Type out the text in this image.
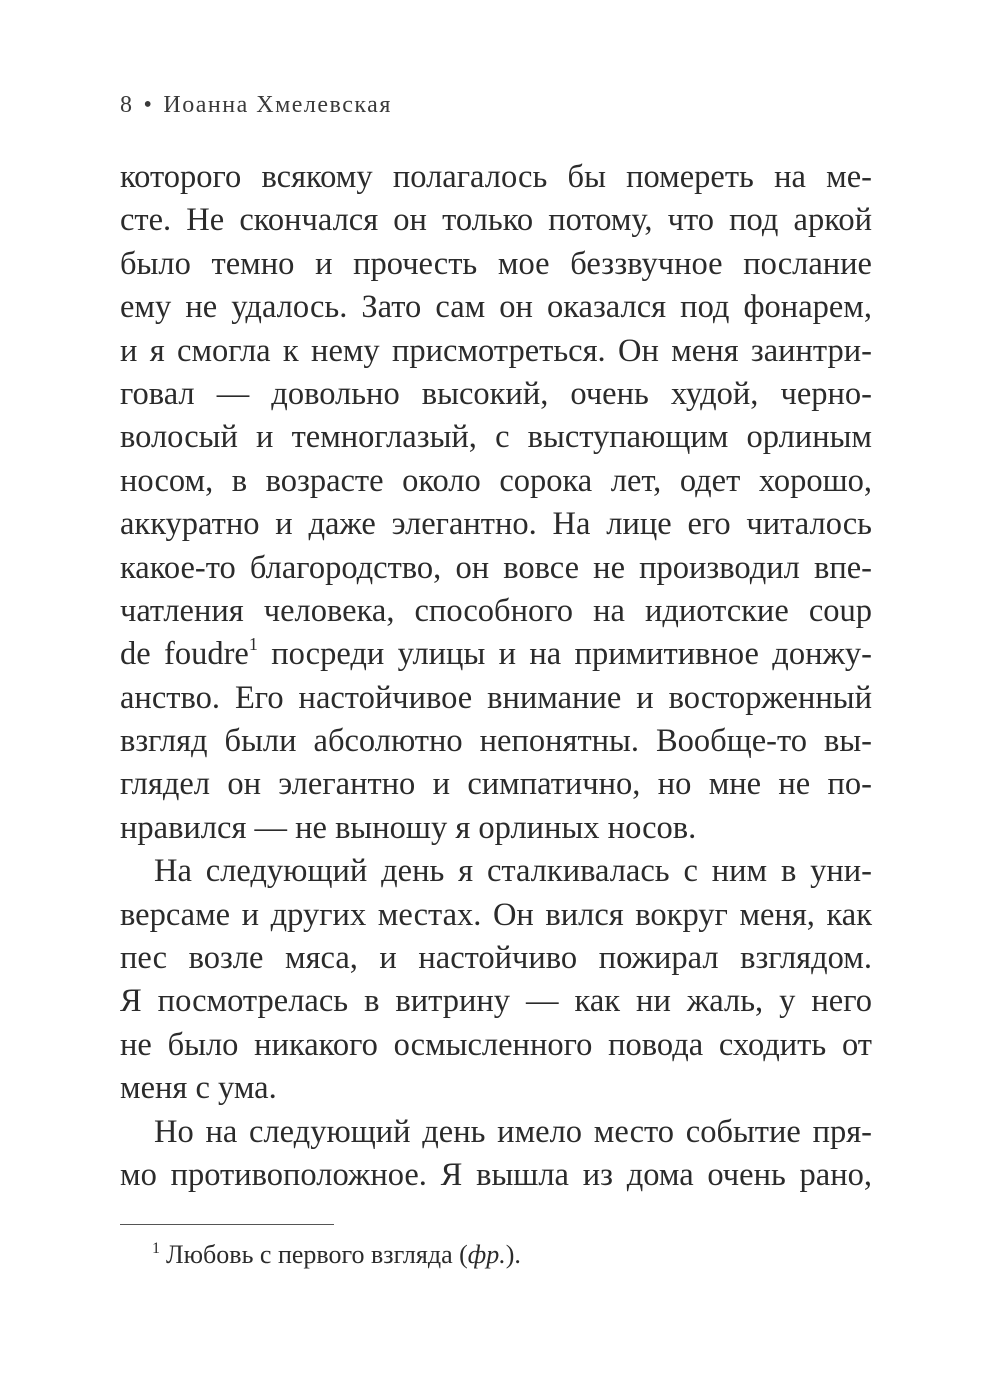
8 • Иоанна Хмелевская
которого всякому полагалось бы помереть на ме-
сте. Не скончался он только потому, что под аркой
было темно и прочесть мое беззвучное послание
ему не удалось. Зато сам он оказался под фонарем,
и я смогла к нему присмотреться. Он меня заинтри-
говал — довольно высокий, очень худой, черно-
волосый и темноглазый, с выступающим орлиным
носом, в возрасте около сорока лет, одет хорошо,
аккуратно и даже элегантно. На лице его читалось
какое-то благородство, он вовсе не производил впе-
чатления человека, способного на идиотские coup
de foudre$^1$ посреди улицы и на примитивное донжу-
анство. Его настойчивое внимание и восторженный
взгляд были абсолютно непонятны. Вообще-то вы-
глядел он элегантно и симпатично, но мне не по-
нравился — не выношу я орлиных носов.
На следующий день я сталкивалась с ним в уни-
версаме и других местах. Он вился вокруг меня, как
пес возле мяса, и настойчиво пожирал взглядом.
Я посмотрелась в витрину — как ни жаль, у него
не было никакого осмысленного повода сходить от
меня с ума.
Но на следующий день имело место событие пря-
мо противоположное. Я вышла из дома очень рано,
$^1$ Любовь с первого взгляда (фр.).
